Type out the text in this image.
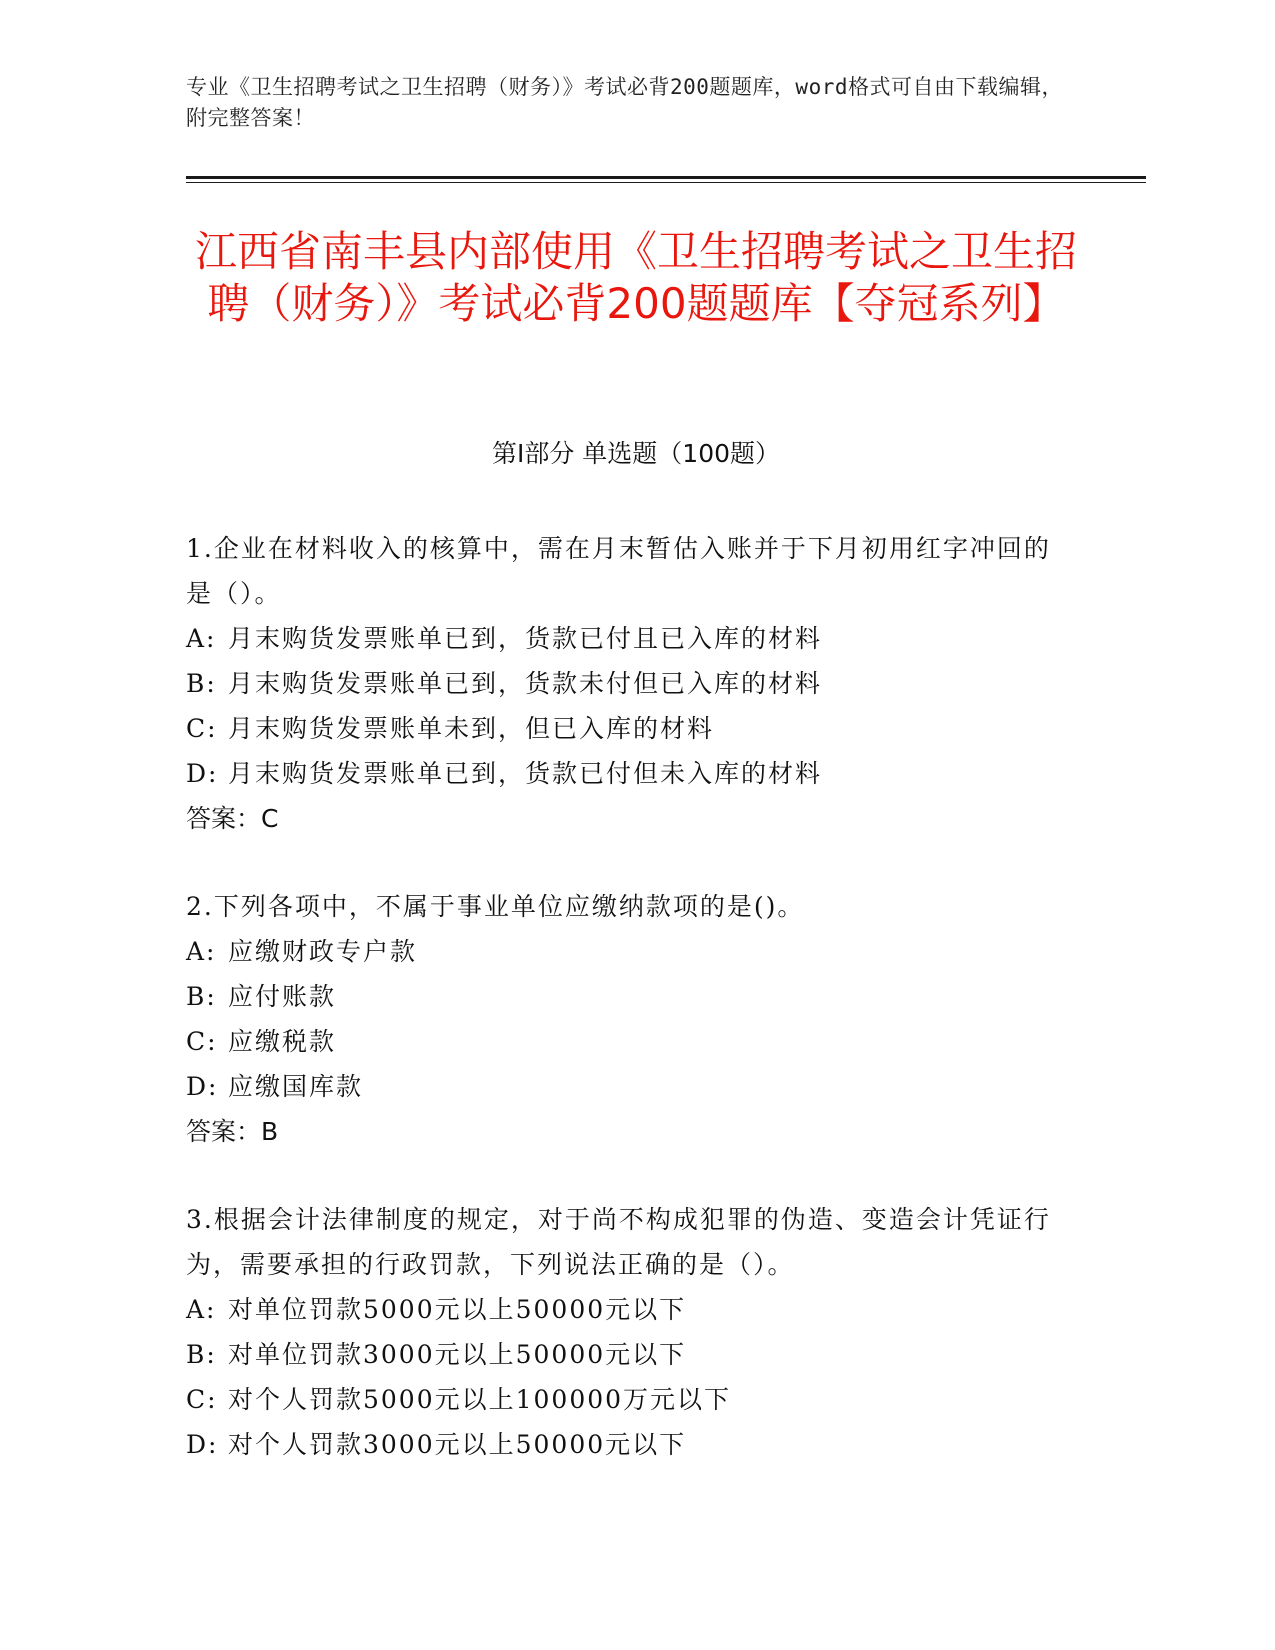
专业《卫生招聘考试之卫生招聘（财务）》考试必背200题题库，word格式可自由下载编辑，附完整答案！
江西省南丰县内部使用《卫生招聘考试之卫生招聘（财务）》考试必背200题题库【夺冠系列】
第Ⅰ部分 单选题（100题）

1.企业在材料收入的核算中，需在月末暂估入账并于下月初用红字冲回的是（）。

A: 月末购货发票账单已到，货款已付且已入库的材料

B: 月末购货发票账单已到，货款未付但已入库的材料

C: 月末购货发票账单未到，但已入库的材料

D: 月末购货发票账单已到，货款已付但未入库的材料

答案：C

2.下列各项中，不属于事业单位应缴纳款项的是()。

A: 应缴财政专户款

B: 应付账款

C: 应缴税款

D: 应缴国库款

答案：B

3.根据会计法律制度的规定，对于尚不构成犯罪的伪造、变造会计凭证行为，需要承担的行政罚款，下列说法正确的是（）。

A: 对单位罚款5000元以上50000元以下

B: 对单位罚款3000元以上50000元以下

C: 对个人罚款5000元以上100000万元以下

D: 对个人罚款3000元以上50000元以下
